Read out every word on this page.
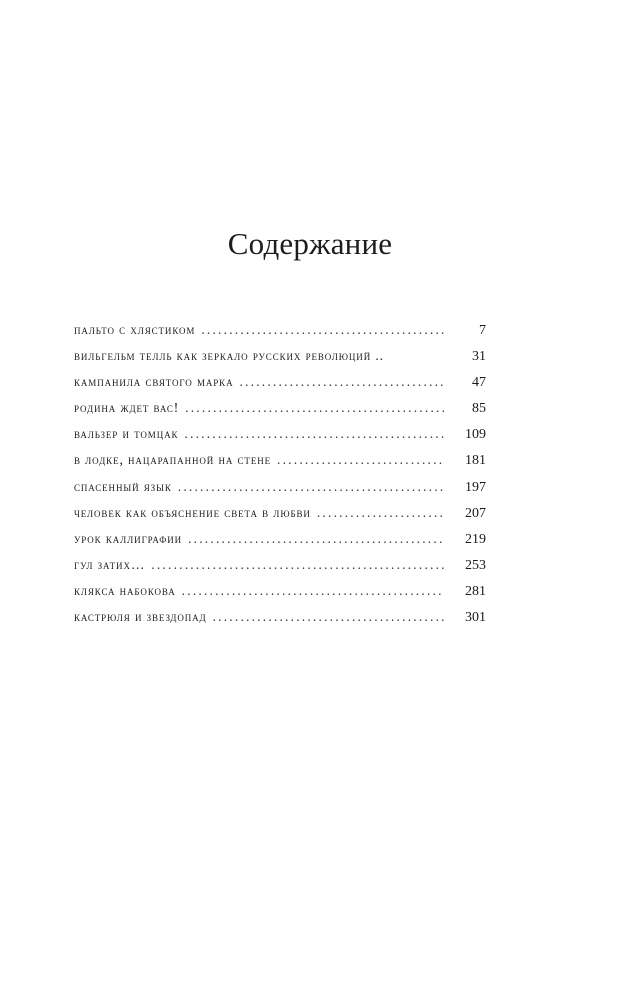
Содержание
пальто с хлястиком .....	7
вильгельм телль как зеркало русских революций ..	31
кампанила святого марка .....	47
родина ждет вас! .....	85
вальзер и томцак .....	109
в лодке, нацарапанной на стене .....	181
спасенный язык .....	197
человек как объяснение света в любви .....	207
урок каллиграфии .....	219
гул затих… .....	253
клякса набокова .....	281
кастрюля и звездопад .....	301
